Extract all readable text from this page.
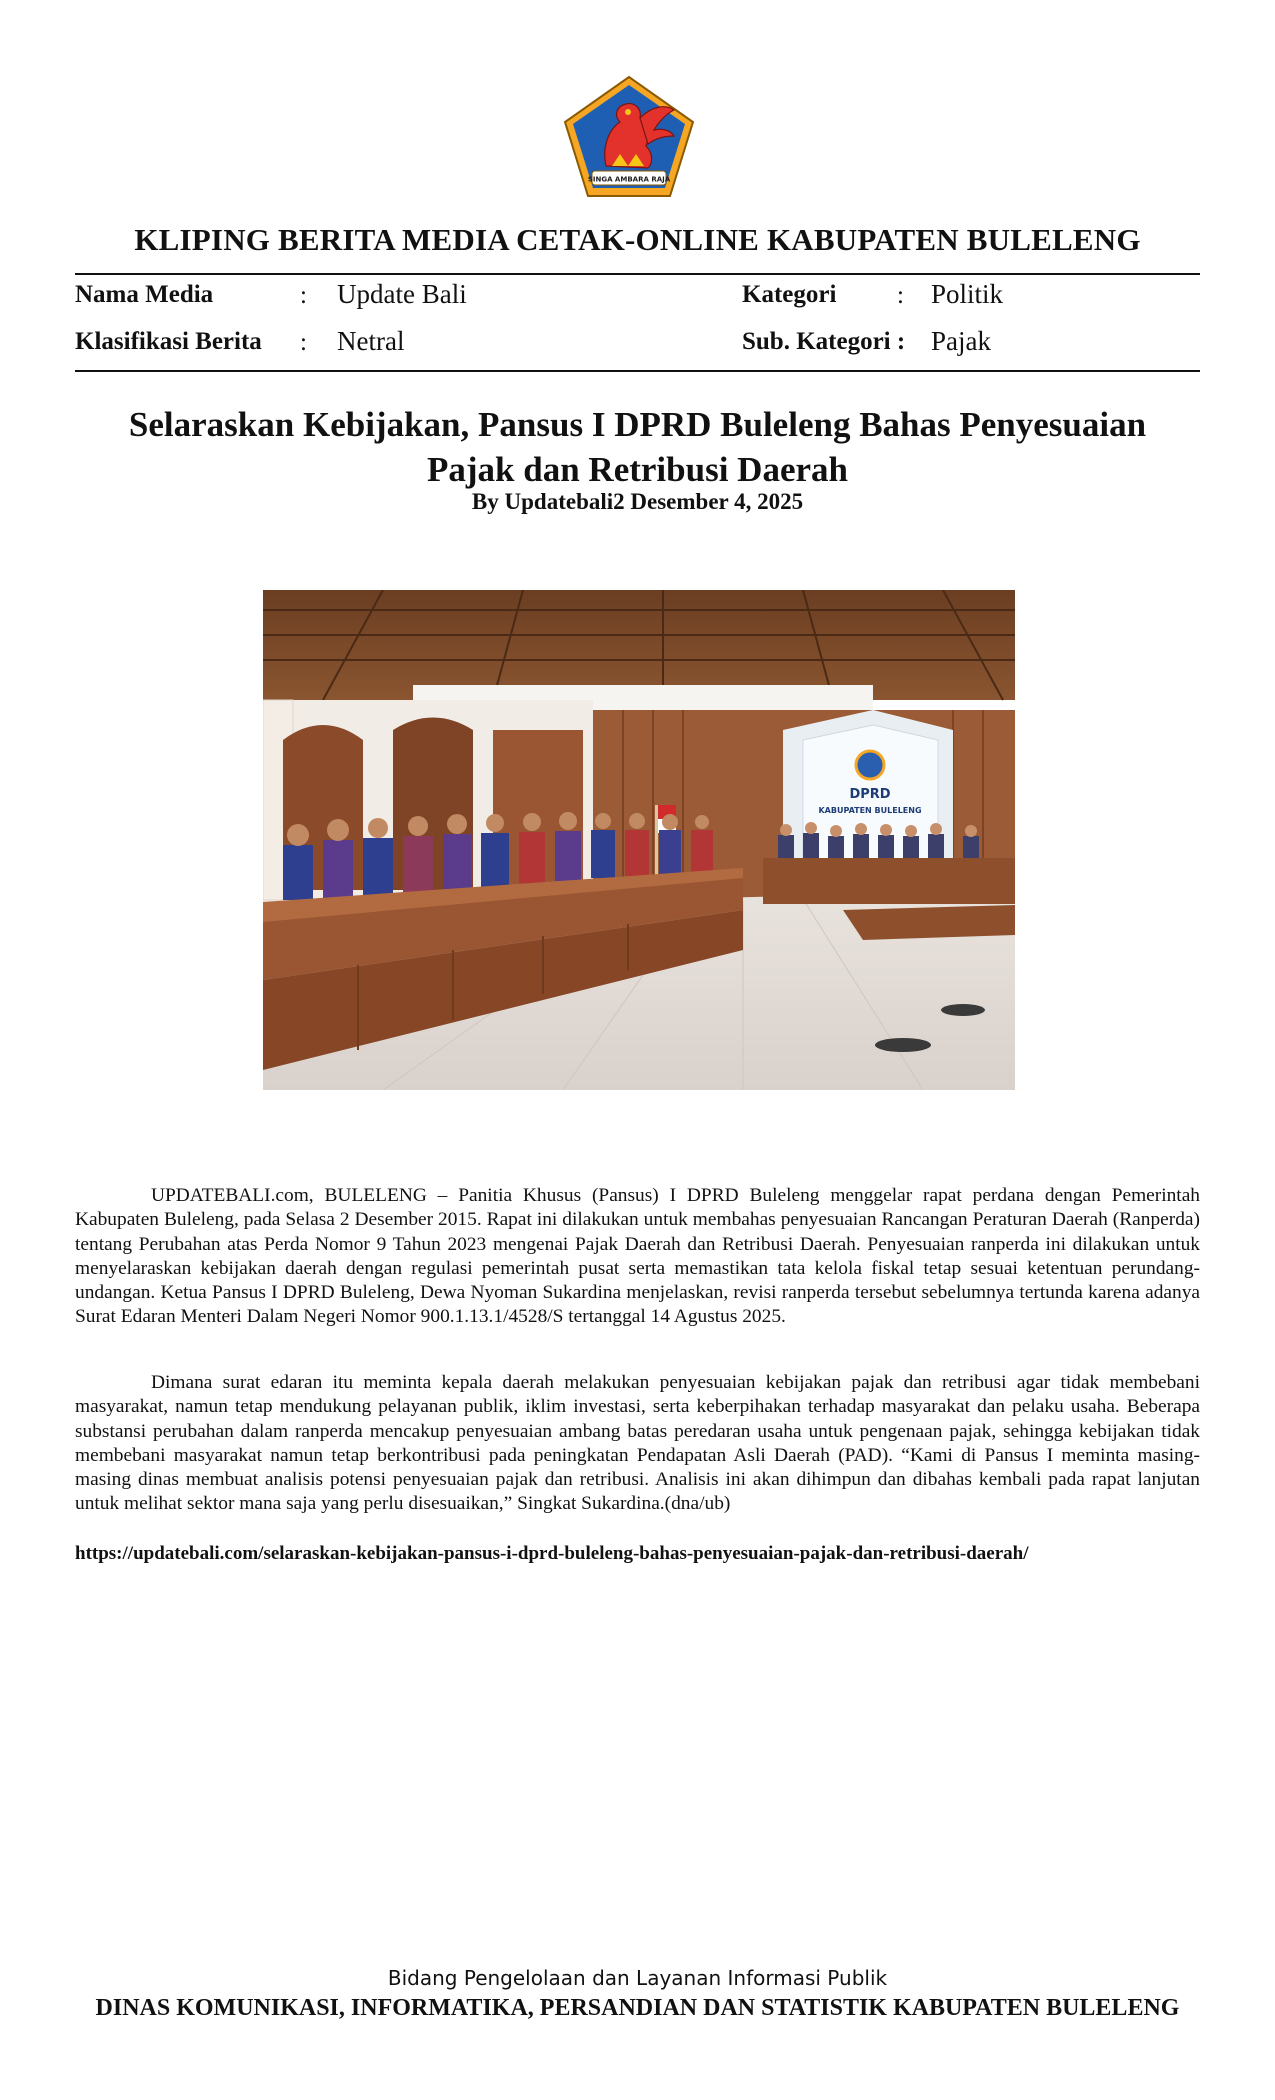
SINGA AMBARA RAJA
KLIPING BERITA MEDIA CETAK-ONLINE KABUPATEN BULELENG
Nama Media	: Update Bali
Klasifikasi Berita : Netral
Kategori : Politik
Sub. Kategori : Pajak
Selaraskan Kebijakan, Pansus I DPRD Buleleng Bahas Penyesuaian
Pajak dan Retribusi Daerah
By Updatebali2 Desember 4, 2025
DPRD
KABUPATEN BULELENG

UPDATEBALI.com, BULELENG – Panitia Khusus (Pansus) I DPRD Buleleng menggelar rapat perdana dengan Pemerintah Kabupaten Buleleng, pada Selasa 2 Desember 2015. Rapat ini dilakukan untuk membahas penyesuaian Rancangan Peraturan Daerah (Ranperda) tentang Perubahan atas Perda Nomor 9 Tahun 2023 mengenai Pajak Daerah dan Retribusi Daerah. Penyesuaian ranperda ini dilakukan untuk menyelaraskan kebijakan daerah dengan regulasi pemerintah pusat serta memastikan tata kelola fiskal tetap sesuai ketentuan perundang-undangan. Ketua Pansus I DPRD Buleleng, Dewa Nyoman Sukardina menjelaskan, revisi ranperda tersebut sebelumnya tertunda karena adanya Surat Edaran Menteri Dalam Negeri Nomor 900.1.13.1/4528/S tertanggal 14 Agustus 2025.

Dimana surat edaran itu meminta kepala daerah melakukan penyesuaian kebijakan pajak dan retribusi agar tidak membebani masyarakat, namun tetap mendukung pelayanan publik, iklim investasi, serta keberpihakan terhadap masyarakat dan pelaku usaha. Beberapa substansi perubahan dalam ranperda mencakup penyesuaian ambang batas peredaran usaha untuk pengenaan pajak, sehingga kebijakan tidak membebani masyarakat namun tetap berkontribusi pada peningkatan Pendapatan Asli Daerah (PAD). “Kami di Pansus I meminta masing-masing dinas membuat analisis potensi penyesuaian pajak dan retribusi. Analisis ini akan dihimpun dan dibahas kembali pada rapat lanjutan untuk melihat sektor mana saja yang perlu disesuaikan,” Singkat Sukardina.(dna/ub)

https://updatebali.com/selaraskan-kebijakan-pansus-i-dprd-buleleng-bahas-penyesuaian-pajak-dan-retribusi-daerah/
Bidang Pengelolaan dan Layanan Informasi Publik
DINAS KOMUNIKASI, INFORMATIKA, PERSANDIAN DAN STATISTIK KABUPATEN BULELENG
